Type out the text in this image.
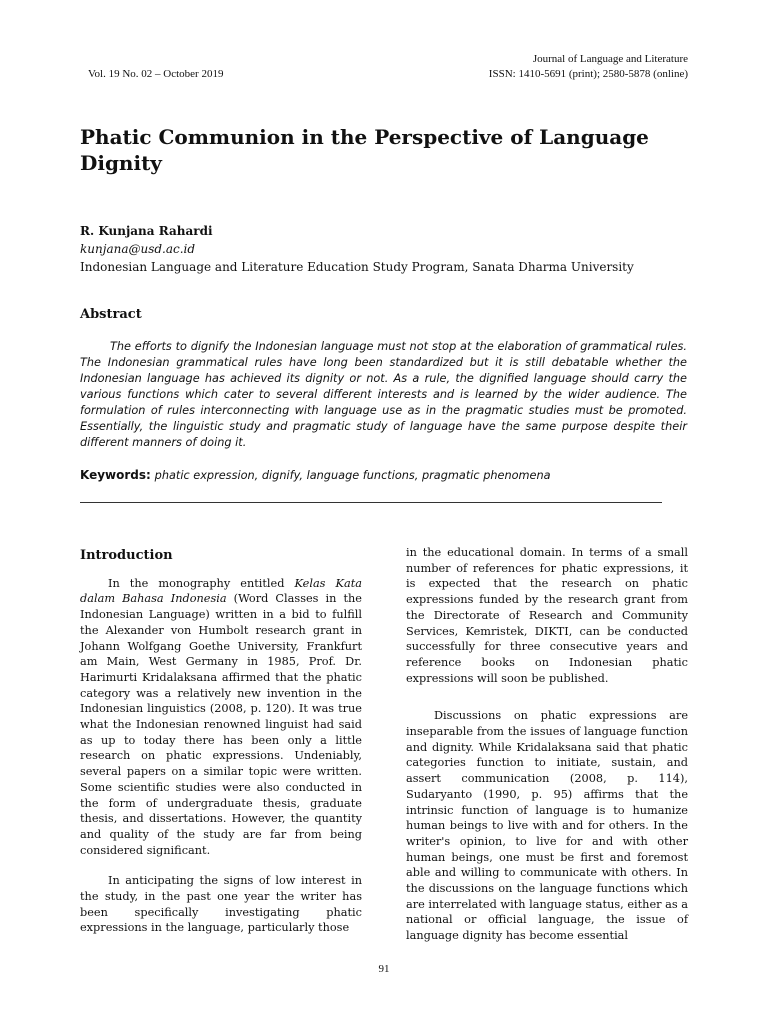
Journal of Language and Literature
ISSN: 1410-5691 (print); 2580-5878 (online)
Vol. 19 No. 02 – October 2019
Phatic Communion in the Perspective of Language Dignity
R. Kunjana Rahardi
kunjana@usd.ac.id
Indonesian Language and Literature Education Study Program, Sanata Dharma University
Abstract

The efforts to dignify the Indonesian language must not stop at the elaboration of grammatical rules. The Indonesian grammatical rules have long been standardized but it is still debatable whether the Indonesian language has achieved its dignity or not. As a rule, the dignified language should carry the various functions which cater to several different interests and is learned by the wider audience. The formulation of rules interconnecting with language use as in the pragmatic studies must be promoted. Essentially, the linguistic study and pragmatic study of language have the same purpose despite their different manners of doing it.

Keywords: phatic expression, dignify, language functions, pragmatic phenomena
Introduction

In the monography entitled Kelas Kata dalam Bahasa Indonesia (Word Classes in the Indonesian Language) written in a bid to fulfill the Alexander von Humbolt research grant in Johann Wolfgang Goethe University, Frankfurt am Main, West Germany in 1985, Prof. Dr. Harimurti Kridalaksana affirmed that the phatic category was a relatively new invention in the Indonesian linguistics (2008, p. 120). It was true what the Indonesian renowned linguist had said as up to today there has been only a little research on phatic expressions. Undeniably, several papers on a similar topic were written. Some scientific studies were also conducted in the form of undergraduate thesis, graduate thesis, and dissertations. However, the quantity and quality of the study are far from being considered significant.

In anticipating the signs of low interest in the study, in the past one year the writer has been specifically investigating phatic expressions in the language, particularly those

in the educational domain. In terms of a small number of references for phatic expressions, it is expected that the research on phatic expressions funded by the research grant from the Directorate of Research and Community Services, Kemristek, DIKTI, can be conducted successfully for three consecutive years and reference books on Indonesian phatic expressions will soon be published.

Discussions on phatic expressions are inseparable from the issues of language function and dignity. While Kridalaksana said that phatic categories function to initiate, sustain, and assert communication (2008, p. 114), Sudaryanto (1990, p. 95) affirms that the intrinsic function of language is to humanize human beings to live with and for others. In the writer's opinion, to live for and with other human beings, one must be first and foremost able and willing to communicate with others. In the discussions on the language functions which are interrelated with language status, either as a national or official language, the issue of language dignity has become essential

91
